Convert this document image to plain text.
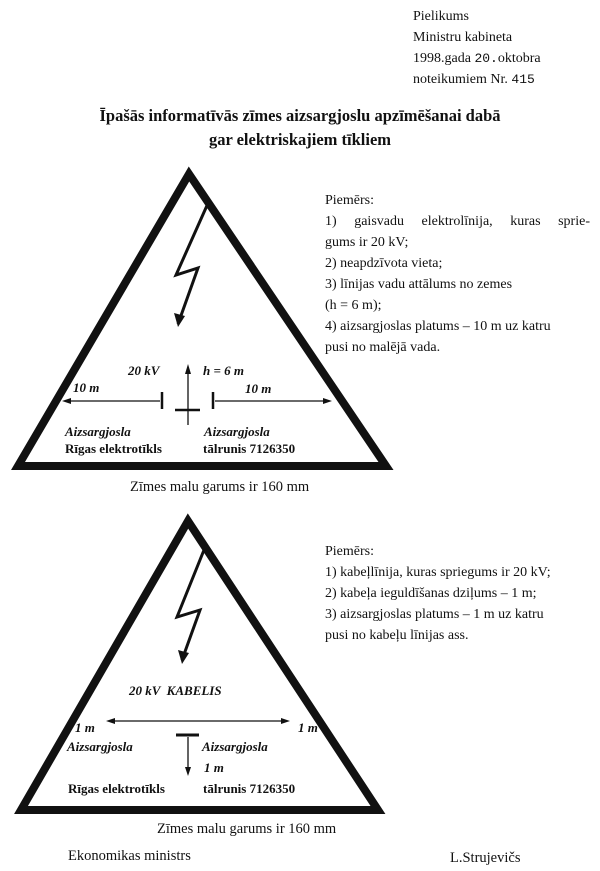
Pielikums
Ministru kabineta
1998.gada 20.oktobra
noteikumiem Nr. 415
Īpašās informatīvās zīmes aizsargjoslu apzīmēšanai dabā
gar elektriskajiem tīkliem
20 kV	h = 6 m
10 m	10 m
Aizsargjosla	Aizsargjosla
Rīgas elektrotīkls	tālrunis 7126350
20 kV  KABELIS
1 m	1 m
Aizsargjosla	Aizsargjosla
1 m
Rīgas elektrotīkls	tālrunis 7126350
Piemērs:
1) gaisvadu elektrolīnija, kuras sprie-
gums ir 20 kV;
2) neapdzīvota vieta;
3) līnijas vadu attālums no zemes
(h = 6 m);
4) aizsargjoslas platums – 10 m uz katru
pusi no malējā vada.
Zīmes malu garums ir 160 mm
Piemērs:
1) kabeļlīnija, kuras spriegums ir 20 kV;
2) kabeļa ieguldīšanas dziļums – 1 m;
3) aizsargjoslas platums – 1 m uz katru
pusi no kabeļu līnijas ass.
Zīmes malu garums ir 160 mm
Ekonomikas ministrs	L.Strujevičs
